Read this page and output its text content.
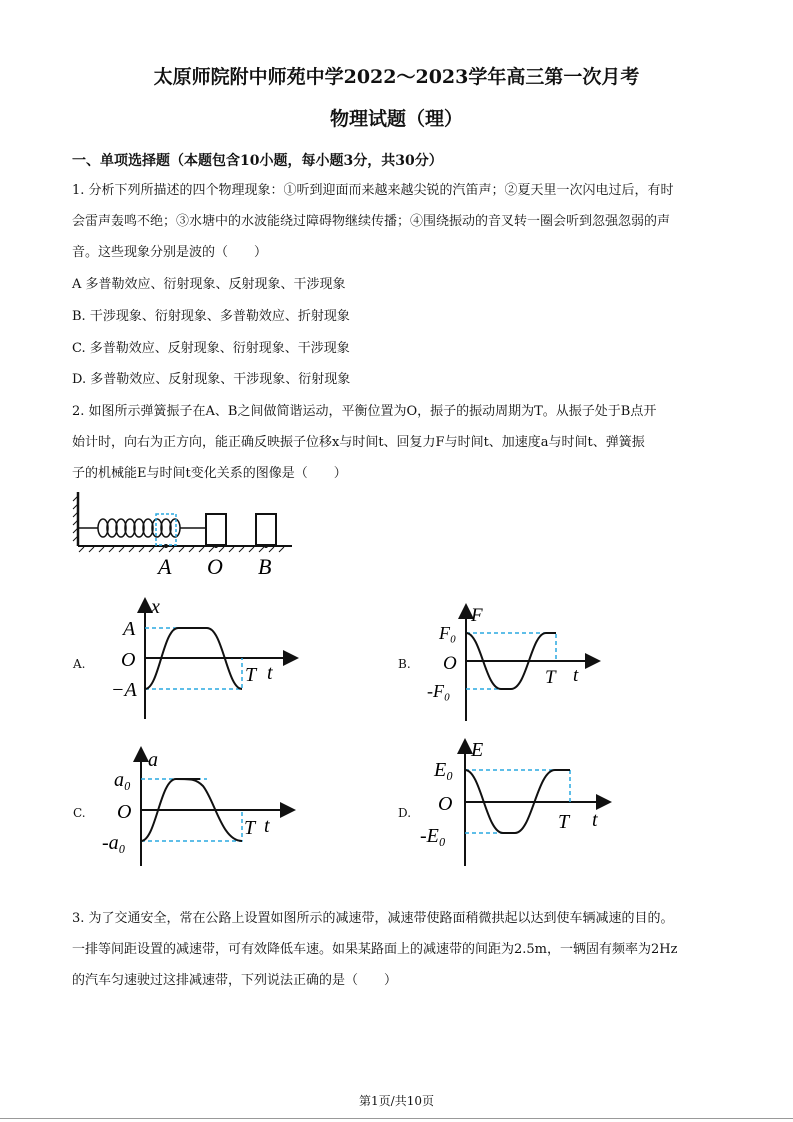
太原师院附中师苑中学2022～2023学年高三第一次月考
物理试题（理）
一、单项选择题（本题包含10小题，每小题3分，共30分）
1. 分析下列所描述的四个物理现象：①听到迎面而来越来越尖锐的汽笛声；②夏天里一次闪电过后，有时
会雷声轰鸣不绝；③水塘中的水波能绕过障碍物继续传播；④围绕振动的音叉转一圈会听到忽强忽弱的声
音。这些现象分别是波的（　　）
A 多普勒效应、衍射现象、反射现象、干涉现象
B. 干涉现象、衍射现象、多普勒效应、折射现象
C. 多普勒效应、反射现象、衍射现象、干涉现象
D. 多普勒效应、反射现象、干涉现象、衍射现象
2. 如图所示弹簧振子在A、B之间做简谐运动，平衡位置为O，振子的振动周期为T。从振子处于B点开
始计时，向右为正方向，能正确反映振子位移x与时间t、回复力F与时间t、加速度a与时间t、弹簧振
子的机械能E与时间t变化关系的图像是（　　）
A O B
A.
x
A
O
−A
T t	B.
F
F₀
O
-F₀
T t
C.
a
a₀
O
-a₀
T t
D.
E
E₀
O
-E₀
T t
3. 为了交通安全，常在公路上设置如图所示的减速带，减速带使路面稍微拱起以达到使车辆减速的目的。
一排等间距设置的减速带，可有效降低车速。如果某路面上的减速带的间距为2.5m，一辆固有频率为2Hz
的汽车匀速驶过这排减速带，下列说法正确的是（　　）
第1页/共10页
